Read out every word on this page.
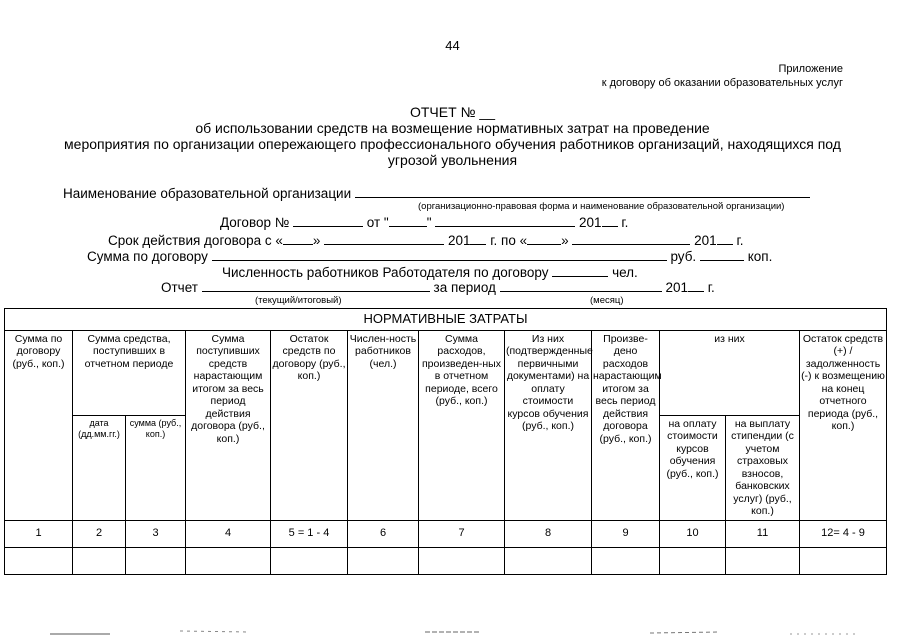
44
Приложение
к договору об оказании образовательных услуг
ОТЧЕТ № __
об использовании средств на возмещение нормативных затрат на проведение
мероприятия по организации опережающего профессионального обучения работников организаций, находящихся под
угрозой увольнения
Наименование образовательной организации
(организационно-правовая форма и наименование образовательной организации)
Договор №	от "	"	201 г.
Срок действия договора с « »	201 г. по «	»	201 г.
Сумма по договору	руб.	коп.
Численность работников Работодателя по договору	чел.
Отчет	за период	201 г.
(текущий/итоговый)	(месяц)
НОРМАТИВНЫЕ ЗАТРАТЫ											
Сумма по договору (руб., коп.)	Сумма средства, поступивших в отчетном периоде		Сумма поступивших средств нарастающим итогом за весь период действия договора (руб., коп.)	Остаток средств по договору (руб., коп.)	Числен-ность работников (чел.)	Сумма расходов, произведен-ных в отчетном периоде, всего (руб., коп.)	Из них (подтвержденные первичными документами) на оплату стоимости курсов обучения (руб., коп.)	Произве-дено расходов нарастающим итогом за весь период действия договора (руб., коп.)	из них		Остаток средств (+) / задолженность (-) к возмещению на конец отчетного периода (руб., коп.)
	дата (дд.мм.гг.)	сумма (руб., коп.)							на оплату стоимости курсов обучения (руб., коп.)	на выплату стипендии (с учетом страховых взносов, банковских услуг) (руб., коп.)	
1	2	3	4	5 = 1 - 4	6	7	8	9	10	11	12= 4 - 9
